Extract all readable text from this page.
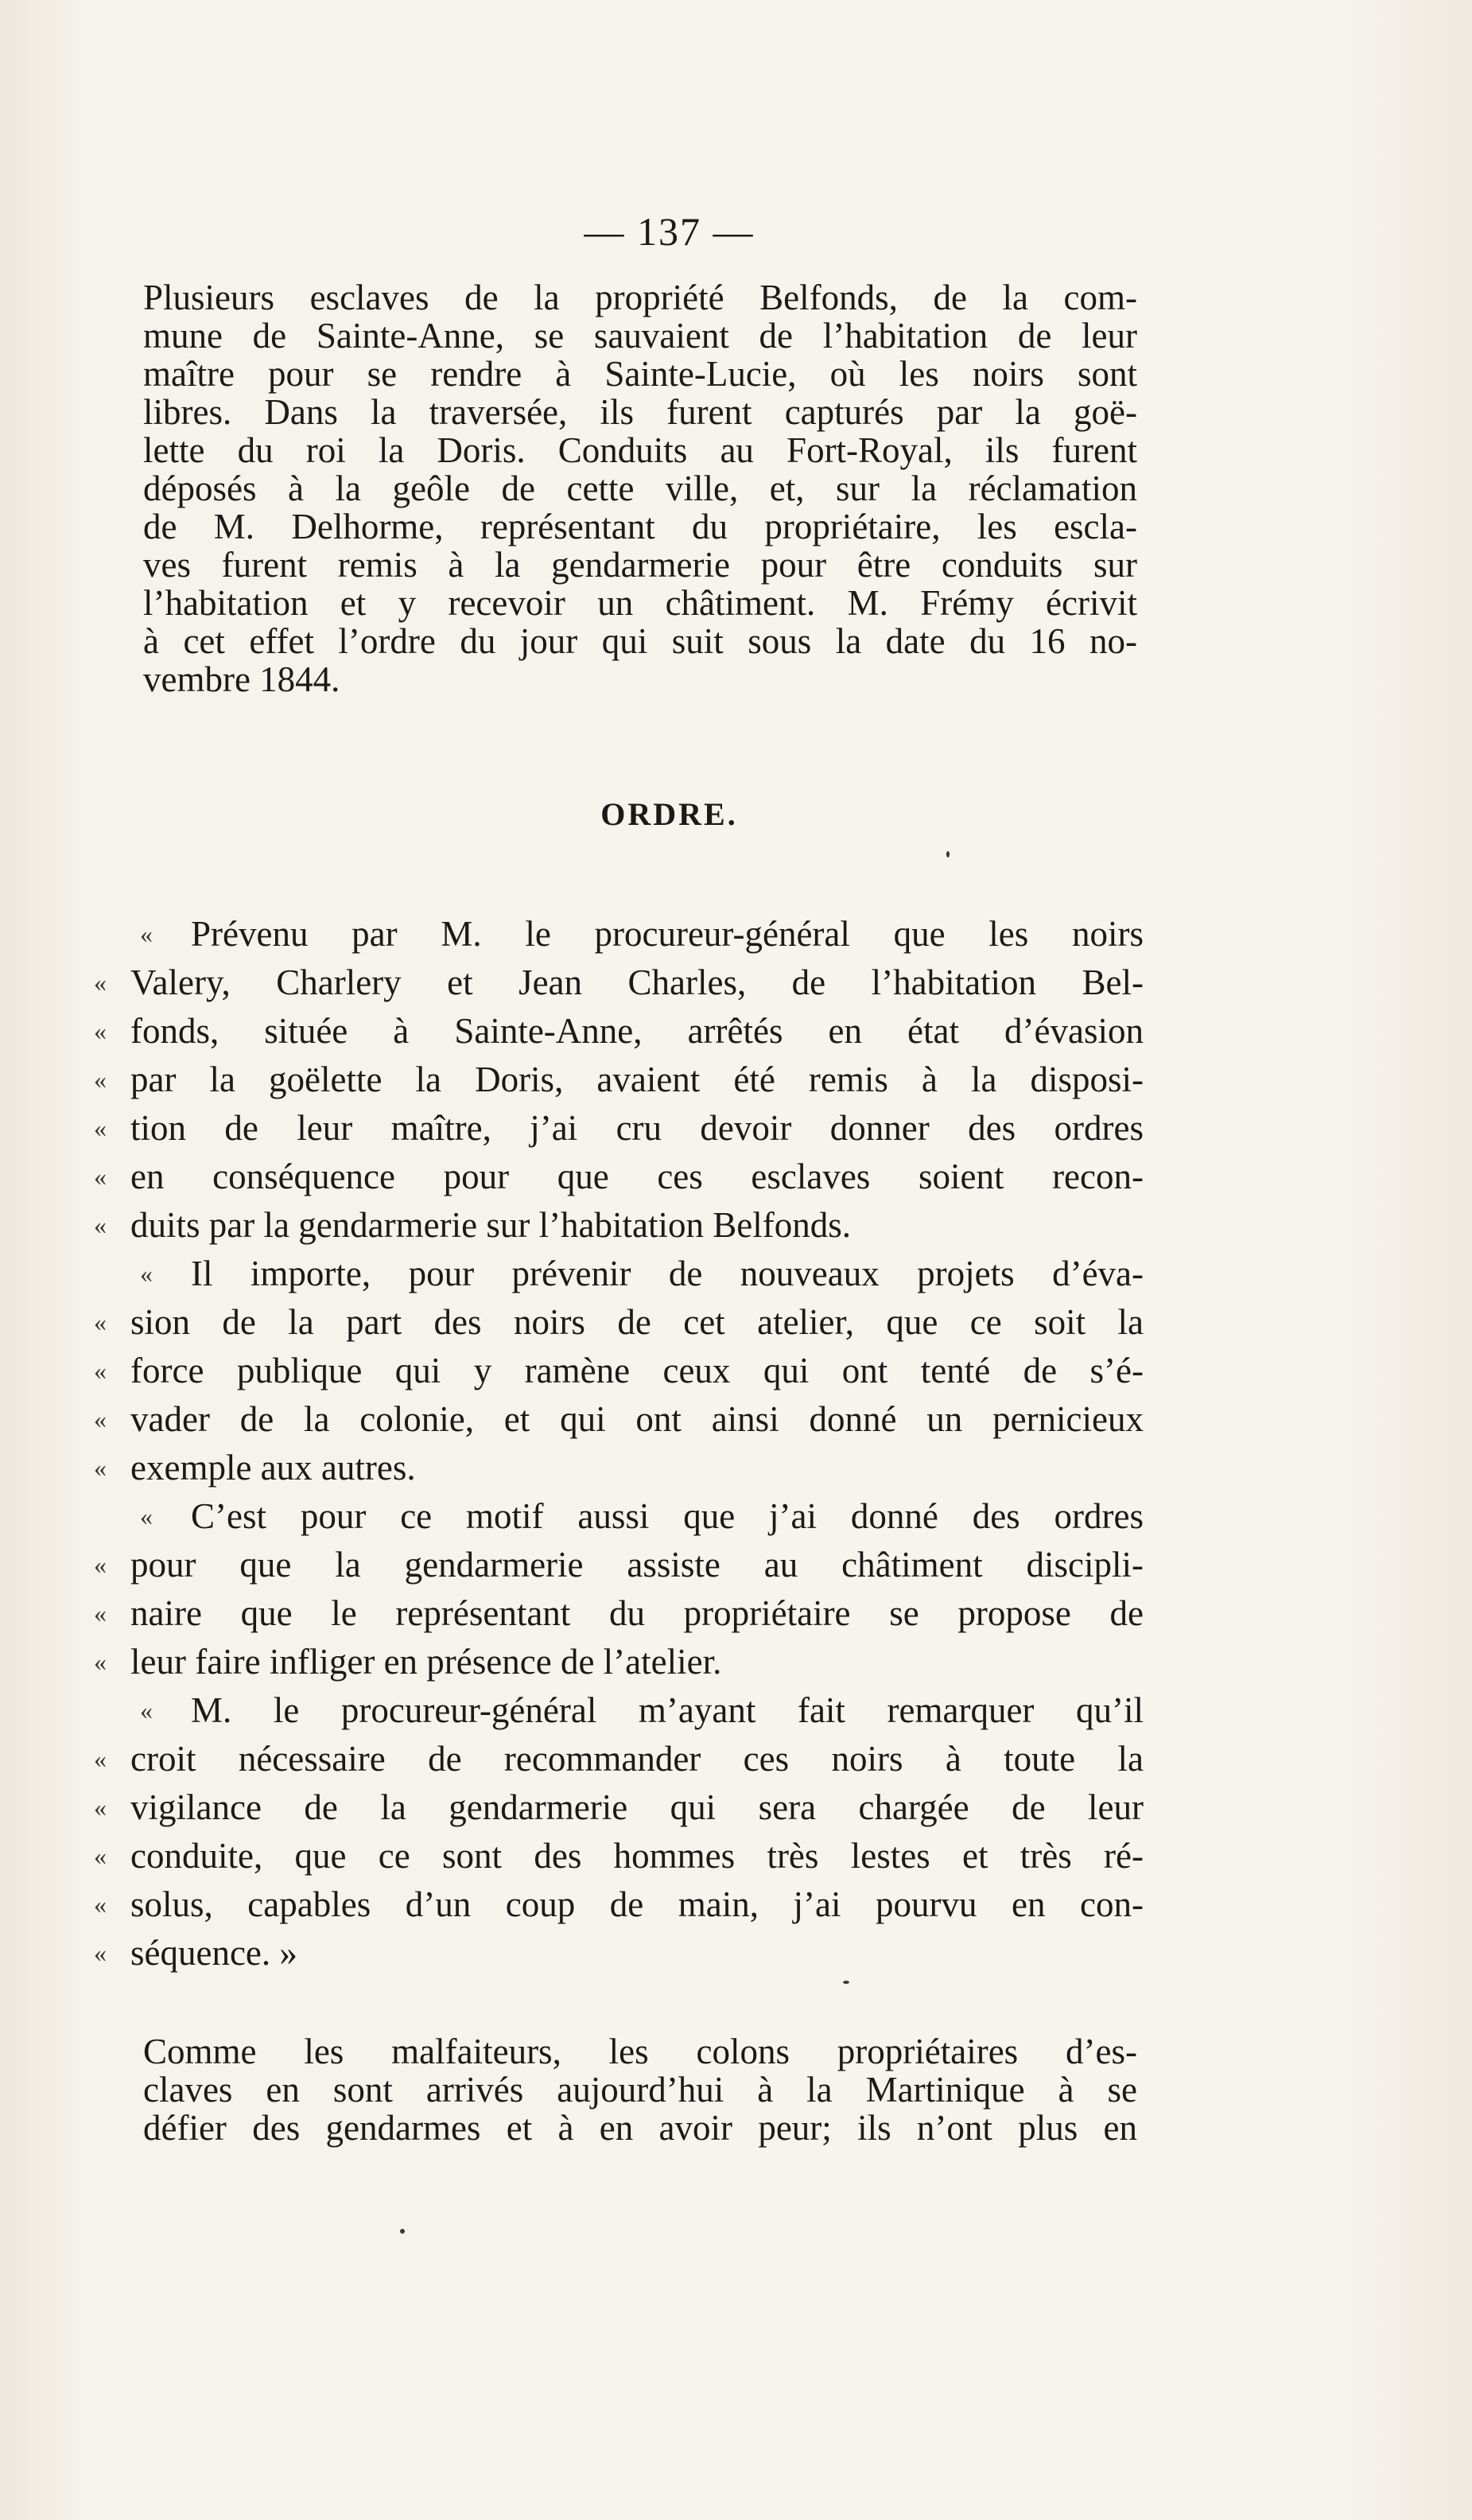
— 137 —
Plusieurs esclaves de la propriété Belfonds, de la com-
mune de Sainte-Anne, se sauvaient de l’habitation de leur
maître pour se rendre à Sainte-Lucie, où les noirs sont
libres. Dans la traversée, ils furent capturés par la goë-
lette du roi la Doris. Conduits au Fort-Royal, ils furent
déposés à la geôle de cette ville, et, sur la réclamation
de M. Delhorme, représentant du propriétaire, les escla-
ves furent remis à la gendarmerie pour être conduits sur
l’habitation et y recevoir un châtiment. M. Frémy écrivit
à cet effet l’ordre du jour qui suit sous la date du 16 no-
vembre 1844.
ORDRE.
«	Prévenu par M. le procureur-général que les noirs
« Valery, Charlery et Jean Charles, de l’habitation Bel-
« fonds, située à Sainte-Anne, arrêtés en état d’évasion
« par la goëlette la Doris, avaient été remis à la disposi-
« tion de leur maître, j’ai cru devoir donner des ordres
« en conséquence pour que ces esclaves soient recon-
« duits par la gendarmerie sur l’habitation Belfonds.
«	Il importe, pour prévenir de nouveaux projets d’éva-
« sion de la part des noirs de cet atelier, que ce soit la
« force publique qui y ramène ceux qui ont tenté de s’é-
« vader de la colonie, et qui ont ainsi donné un pernicieux
« exemple aux autres.
«	C’est pour ce motif aussi que j’ai donné des ordres
« pour que la gendarmerie assiste au châtiment discipli-
« naire que le représentant du propriétaire se propose de
« leur faire infliger en présence de l’atelier.
«	M. le procureur-général m’ayant fait remarquer qu’il
« croit nécessaire de recommander ces noirs à toute la
« vigilance de la gendarmerie qui sera chargée de leur
« conduite, que ce sont des hommes très lestes et très ré-
« solus, capables d’un coup de main, j’ai pourvu en con-
« séquence. »
Comme les malfaiteurs, les colons propriétaires d’es-
claves en sont arrivés aujourd’hui à la Martinique à se
défier des gendarmes et à en avoir peur; ils n’ont plus en
